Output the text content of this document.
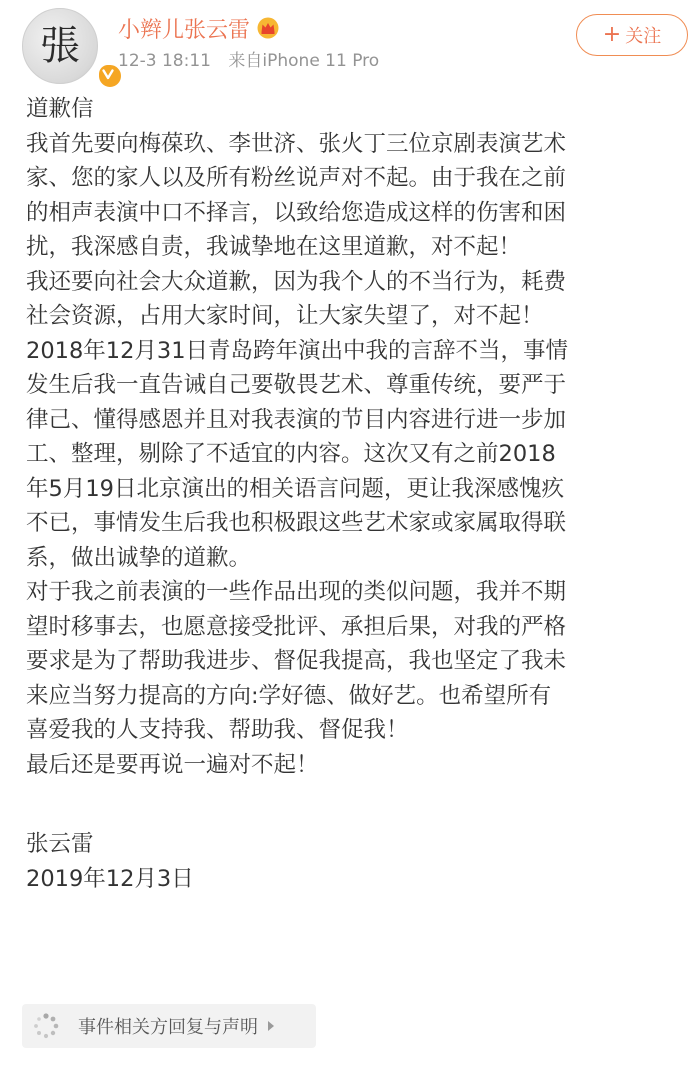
張	小辫儿张云雷
12-3 18:11 来自iPhone 11 Pro
+ 关注
道歉信
我首先要向梅葆玖、李世济、张火丁三位京剧表演艺术
家、您的家人以及所有粉丝说声对不起。由于我在之前
的相声表演中口不择言，以致给您造成这样的伤害和困
扰，我深感自责，我诚挚地在这里道歉，对不起！
我还要向社会大众道歉，因为我个人的不当行为，耗费
社会资源，占用大家时间，让大家失望了，对不起！
2018年12月31日青岛跨年演出中我的言辞不当，事情
发生后我一直告诫自己要敬畏艺术、尊重传统，要严于
律己、懂得感恩并且对我表演的节目内容进行进一步加
工、整理，剔除了不适宜的内容。这次又有之前2018
年5月19日北京演出的相关语言问题，更让我深感愧疚
不已，事情发生后我也积极跟这些艺术家或家属取得联
系，做出诚挚的道歉。
对于我之前表演的一些作品出现的类似问题，我并不期
望时移事去，也愿意接受批评、承担后果，对我的严格
要求是为了帮助我进步、督促我提高，我也坚定了我未
来应当努力提高的方向:学好德、做好艺。也希望所有
喜爱我的人支持我、帮助我、督促我！
最后还是要再说一遍对不起！
张云雷
2019年12月3日
事件相关方回复与声明
